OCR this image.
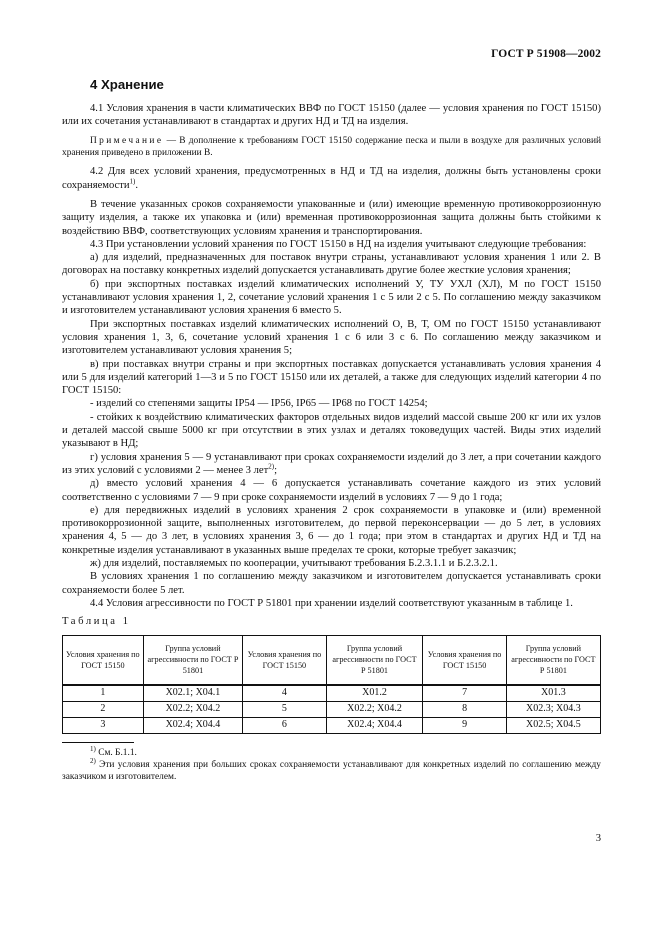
ГОСТ Р 51908—2002
4 Хранение

4.1 Условия хранения в части климатических ВВФ по ГОСТ 15150 (далее — условия хранения по ГОСТ 15150) или их сочетания устанавливают в стандартах и других НД и ТД на изделия.

Примечание — В дополнение к требованиям ГОСТ 15150 содержание песка и пыли в воздухе для различных условий хранения приведено в приложении В.

4.2 Для всех условий хранения, предусмотренных в НД и ТД на изделия, должны быть установлены сроки сохраняемости$^{1)}$.

В течение указанных сроков сохраняемости упакованные и (или) имеющие временную противокоррозионную защиту изделия, а также их упаковка и (или) временная противокоррозионная защита должны быть стойкими к воздействию ВВФ, соответствующих условиям хранения и транспортирования.

4.3 При установлении условий хранения по ГОСТ 15150 в НД на изделия учитывают следующие требования:

а) для изделий, предназначенных для поставок внутри страны, устанавливают условия хранения 1 или 2. В договорах на поставку конкретных изделий допускается устанавливать другие более жесткие условия хранения;

б) при экспортных поставках изделий климатических исполнений У, ТУ УХЛ (ХЛ), М по ГОСТ 15150 устанавливают условия хранения 1, 2, сочетание условий хранения 1 с 5 или 2 с 5. По соглашению между заказчиком и изготовителем устанавливают условия хранения 6 вместо 5.

При экспортных поставках изделий климатических исполнений О, В, Т, ОМ по ГОСТ 15150 устанавливают условия хранения 1, 3, 6, сочетание условий хранения 1 с 6 или 3 с 6. По соглашению между заказчиком и изготовителем устанавливают условия хранения 5;

в) при поставках внутри страны и при экспортных поставках допускается устанавливать условия хранения 4 или 5 для изделий категорий 1—3 и 5 по ГОСТ 15150 или их деталей, а также для следующих изделий категории 4 по ГОСТ 15150:

- изделий со степенями защиты IP54 — IP56, IP65 — IP68 по ГОСТ 14254;

- стойких к воздействию климатических факторов отдельных видов изделий массой свыше 200 кг или их узлов и деталей массой свыше 5000 кг при отсутствии в этих узлах и деталях токоведущих частей. Виды этих изделий указывают в НД;

г) условия хранения 5 — 9 устанавливают при сроках сохраняемости изделий до 3 лет, а при сочетании каждого из этих условий с условиями 2 — менее 3 лет$^{2)}$;

д) вместо условий хранения 4 — 6 допускается устанавливать сочетание каждого из этих условий соответственно с условиями 7 — 9 при сроке сохраняемости изделий в условиях 7 — 9 до 1 года;

е) для передвижных изделий в условиях хранения 2 срок сохраняемости в упаковке и (или) временной противокоррозионной защите, выполненных изготовителем, до первой переконсервации — до 5 лет, в условиях хранения 4, 5 — до 3 лет, в условиях хранения 3, 6 — до 1 года; при этом в стандартах и других НД и ТД на конкретные изделия устанавливают в указанных выше пределах те сроки, которые требует заказчик;

ж) для изделий, поставляемых по кооперации, учитывают требования Б.2.3.1.1 и Б.2.3.2.1.

В условиях хранения 1 по соглашению между заказчиком и изготовителем допускается устанавливать сроки сохраняемости более 5 лет.

4.4 Условия агрессивности по ГОСТ Р 51801 при хранении изделий соответствуют указанным в таблице 1.

Таблица 1

Условия хранения по ГОСТ 15150	Группа условий агрессивности по ГОСТ Р 51801	Условия хранения по ГОСТ 15150	Группа условий агрессивности по ГОСТ Р 51801	Условия хранения по ГОСТ 15150	Группа условий агрессивности по ГОСТ Р 51801
1	Х02.1; Х04.1	4	Х01.2	7	Х01.3
2	Х02.2; Х04.2	5	Х02.2; Х04.2	8	Х02.3; Х04.3
3	Х02.4; Х04.4	6	Х02.4; Х04.4	9	Х02.5; Х04.5

$^{1)}$ См. Б.1.1.

$^{2)}$ Эти условия хранения при больших сроках сохраняемости устанавливают для конкретных изделий по соглашению между заказчиком и изготовителем.

3
